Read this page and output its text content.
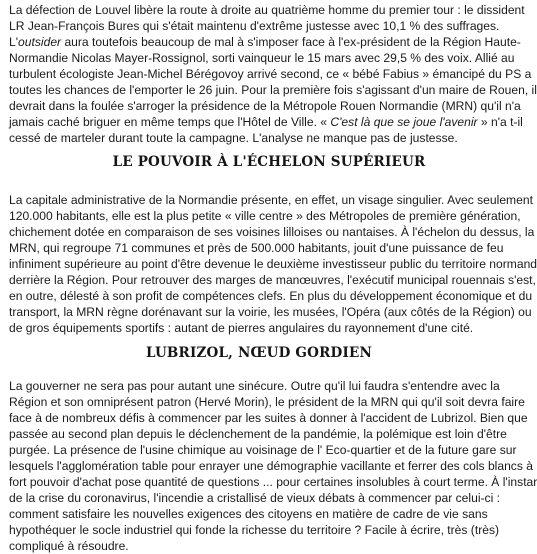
La défection de Louvel libère la route à droite au quatrième homme du premier tour : le dissident
LR Jean-François Bures qui s'était maintenu d'extrême justesse avec 10,1 % des suffrages.
L'outsider aura toutefois beaucoup de mal à s'imposer face à l'ex-président de la Région Haute-
Normandie Nicolas Mayer-Rossignol, sorti vainqueur le 15 mars avec 29,5 % des voix. Allié au
turbulent écologiste Jean-Michel Bérégovoy arrivé second, ce « bébé Fabius » émancipé du PS a
toutes les chances de l'emporter le 26 juin. Pour la première fois s'agissant d'un maire de Rouen, il
devrait dans la foulée s'arroger la présidence de la Métropole Rouen Normandie (MRN) qu'il n'a
jamais caché briguer en même temps que l'Hôtel de Ville. « C'est là que se joue l'avenir » n'a t-il
cessé de marteler durant toute la campagne. L'analyse ne manque pas de justesse.
LE POUVOIR À L'ÉCHELON SUPÉRIEUR
La capitale administrative de la Normandie présente, en effet, un visage singulier. Avec seulement
120.000 habitants, elle est la plus petite « ville centre » des Métropoles de première génération,
chichement dotée en comparaison de ses voisines lilloises ou nantaises. À l'échelon du dessus, la
MRN, qui regroupe 71 communes et près de 500.000 habitants, jouit d'une puissance de feu
infiniment supérieure au point d'être devenue le deuxième investisseur public du territoire normand
derrière la Région. Pour retrouver des marges de manœuvres, l'exécutif municipal rouennais s'est,
en outre, délesté à son profit de compétences clefs. En plus du développement économique et du
transport, la MRN règne dorénavant sur la voirie, les musées, l'Opéra (aux côtés de la Région) ou
de gros équipements sportifs : autant de pierres angulaires du rayonnement d'une cité.
LUBRIZOL, NŒUD GORDIEN
La gouverner ne sera pas pour autant une sinécure. Outre qu'il lui faudra s'entendre avec la
Région et son omniprésent patron (Hervé Morin), le président de la MRN qui qu'il soit devra faire
face à de nombreux défis à commencer par les suites à donner à l'accident de Lubrizol. Bien que
passée au second plan depuis le déclenchement de la pandémie, la polémique est loin d'être
purgée. La présence de l'usine chimique au voisinage de l' Eco-quartier et de la future gare sur
lesquels l'agglomération table pour enrayer une démographie vacillante et ferrer des cols blancs à
fort pouvoir d'achat pose quantité de questions ... pour certaines insolubles à court terme. À l'instar
de la crise du coronavirus, l'incendie a cristallisé de vieux débats à commencer par celui-ci :
comment satisfaire les nouvelles exigences des citoyens en matière de cadre de vie sans
hypothéquer le socle industriel qui fonde la richesse du territoire ? Facile à écrire, très (très)
compliqué à résoudre.
